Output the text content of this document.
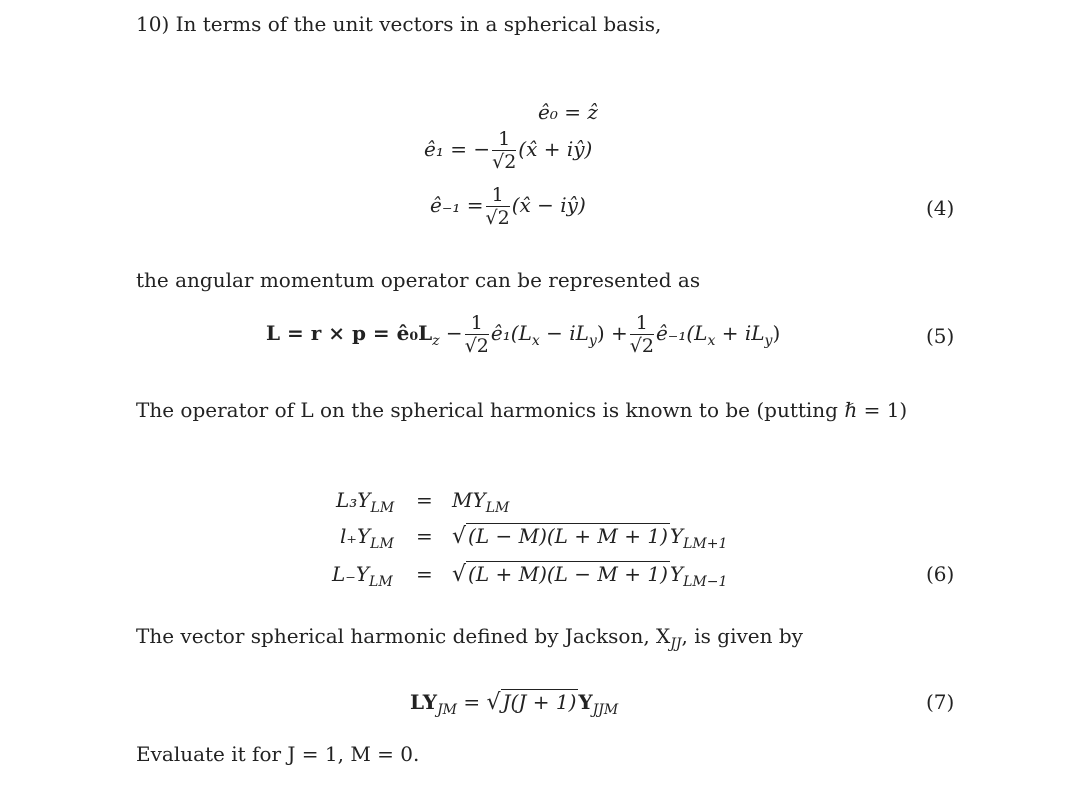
10) In terms of the unit vectors in a spherical basis,
ê₀ = ẑ
ê₁ = − $\frac{1}{√2}$ (x̂ + iŷ)
ê₋₁ = $\frac{1}{√2}$ (x̂ − iŷ)	(4)
the angular momentum operator can be represented as
$L = r \times p = ê_0L_z - \frac{1}{√2}$ $ê_1(L_x - iL_y) + \frac{1}{√2}$ $ê_{-1}(L_x + iL_y)$	(5)
The operator of L on the spherical harmonics is known to be (putting ℏ = 1)
$L_3Y_{LM} = MY_{LM}$
$l_+Y_{LM}$ = √ (L − M)(L + M + 1) $Y_{LM+1}$
$L_-Y_{LM}$ = √ (L + M)(L − M + 1) $Y_{LM-1}$	(6)
The vector spherical harmonic defined by Jackson, $X_{JJ}$, is given by
$LY_{JM}$ = √ J(J + 1) $Y_{JJM}$	(7)
Evaluate it for J = 1, M = 0.
